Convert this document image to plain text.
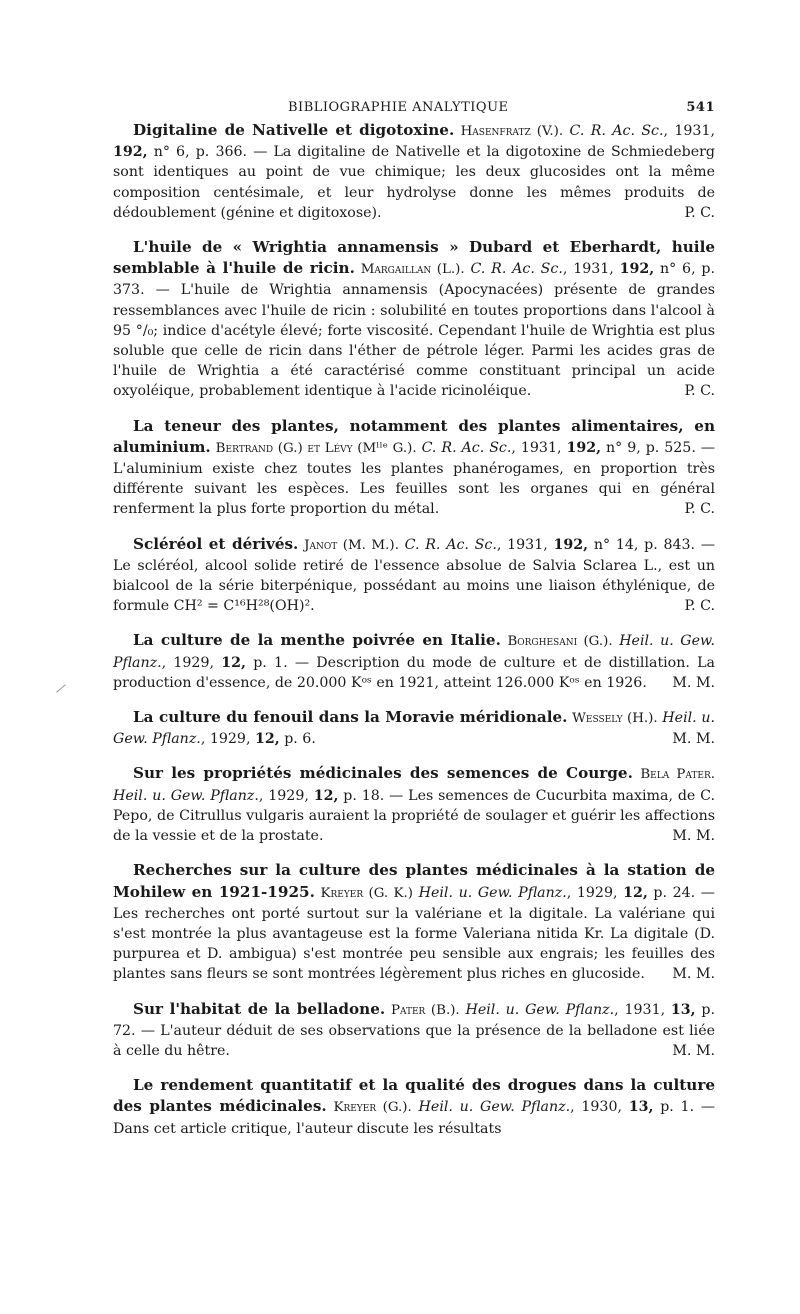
BIBLIOGRAPHIE ANALYTIQUE	541

Digitaline de Nativelle et digotoxine. Hasenfratz (V.). C. R. Ac. Sc., 1931, 192, n° 6, p. 366. — La digitaline de Nativelle et la digotoxine de Schmiedeberg sont identiques au point de vue chimique; les deux glucosides ont la même composition centésimale, et leur hydrolyse donne les mêmes produits de dédoublement (génine et digitoxose).	P. C.

L'huile de « Wrightia annamensis » Dubard et Eberhardt, huile semblable à l'huile de ricin. Margaillan (L.). C. R. Ac. Sc., 1931, 192, n° 6, p. 373. — L'huile de Wrightia annamensis (Apocynacées) présente de grandes ressemblances avec l'huile de ricin : solubilité en toutes proportions dans l'alcool à 95 °/₀; indice d'acétyle élevé; forte viscosité. Cependant l'huile de Wrightia est plus soluble que celle de ricin dans l'éther de pétrole léger. Parmi les acides gras de l'huile de Wrightia a été caractérisé comme constituant principal un acide oxyoléique, probablement identique à l'acide ricinoléique.	P. C.

La teneur des plantes, notamment des plantes alimentaires, en aluminium. Bertrand (G.) et Lévy (Mˡˡᵉ G.). C. R. Ac. Sc., 1931, 192, n° 9, p. 525. — L'aluminium existe chez toutes les plantes phanérogames, en proportion très différente suivant les espèces. Les feuilles sont les organes qui en général renferment la plus forte proportion du métal.	P. C.

Scléréol et dérivés. Janot (M. M.). C. R. Ac. Sc., 1931, 192, n° 14, p. 843. — Le scléréol, alcool solide retiré de l'essence absolue de Salvia Sclarea L., est un bialcool de la série biterpénique, possédant au moins une liaison éthylénique, de formule CH² = C¹⁶H²⁸(OH)².	P. C.

La culture de la menthe poivrée en Italie. Borghesani (G.). Heil. u. Gew. Pflanz., 1929, 12, p. 1. — Description du mode de culture et de distillation. La production d'essence, de 20.000 Kᵒˢ en 1921, atteint 126.000 Kᵒˢ en 1926.	M. M.

La culture du fenouil dans la Moravie méridionale. Wessely (H.). Heil. u. Gew. Pflanz., 1929, 12, p. 6.	M. M.

Sur les propriétés médicinales des semences de Courge. Bela Pater. Heil. u. Gew. Pflanz., 1929, 12, p. 18. — Les semences de Cucurbita maxima, de C. Pepo, de Citrullus vulgaris auraient la propriété de soulager et guérir les affections de la vessie et de la prostate.	M. M.

Recherches sur la culture des plantes médicinales à la station de Mohilew en 1921-1925. Kreyer (G. K.) Heil. u. Gew. Pflanz., 1929, 12, p. 24. — Les recherches ont porté surtout sur la valériane et la digitale. La valériane qui s'est montrée la plus avantageuse est la forme Valeriana nitida Kr. La digitale (D. purpurea et D. ambigua) s'est montrée peu sensible aux engrais; les feuilles des plantes sans fleurs se sont montrées légèrement plus riches en glucoside.	M. M.

Sur l'habitat de la belladone. Pater (B.). Heil. u. Gew. Pflanz., 1931, 13, p. 72. — L'auteur déduit de ses observations que la présence de la belladone est liée à celle du hêtre.	M. M.

Le rendement quantitatif et la qualité des drogues dans la culture des plantes médicinales. Kreyer (G.). Heil. u. Gew. Pflanz., 1930, 13, p. 1. — Dans cet article critique, l'auteur discute les résultats
